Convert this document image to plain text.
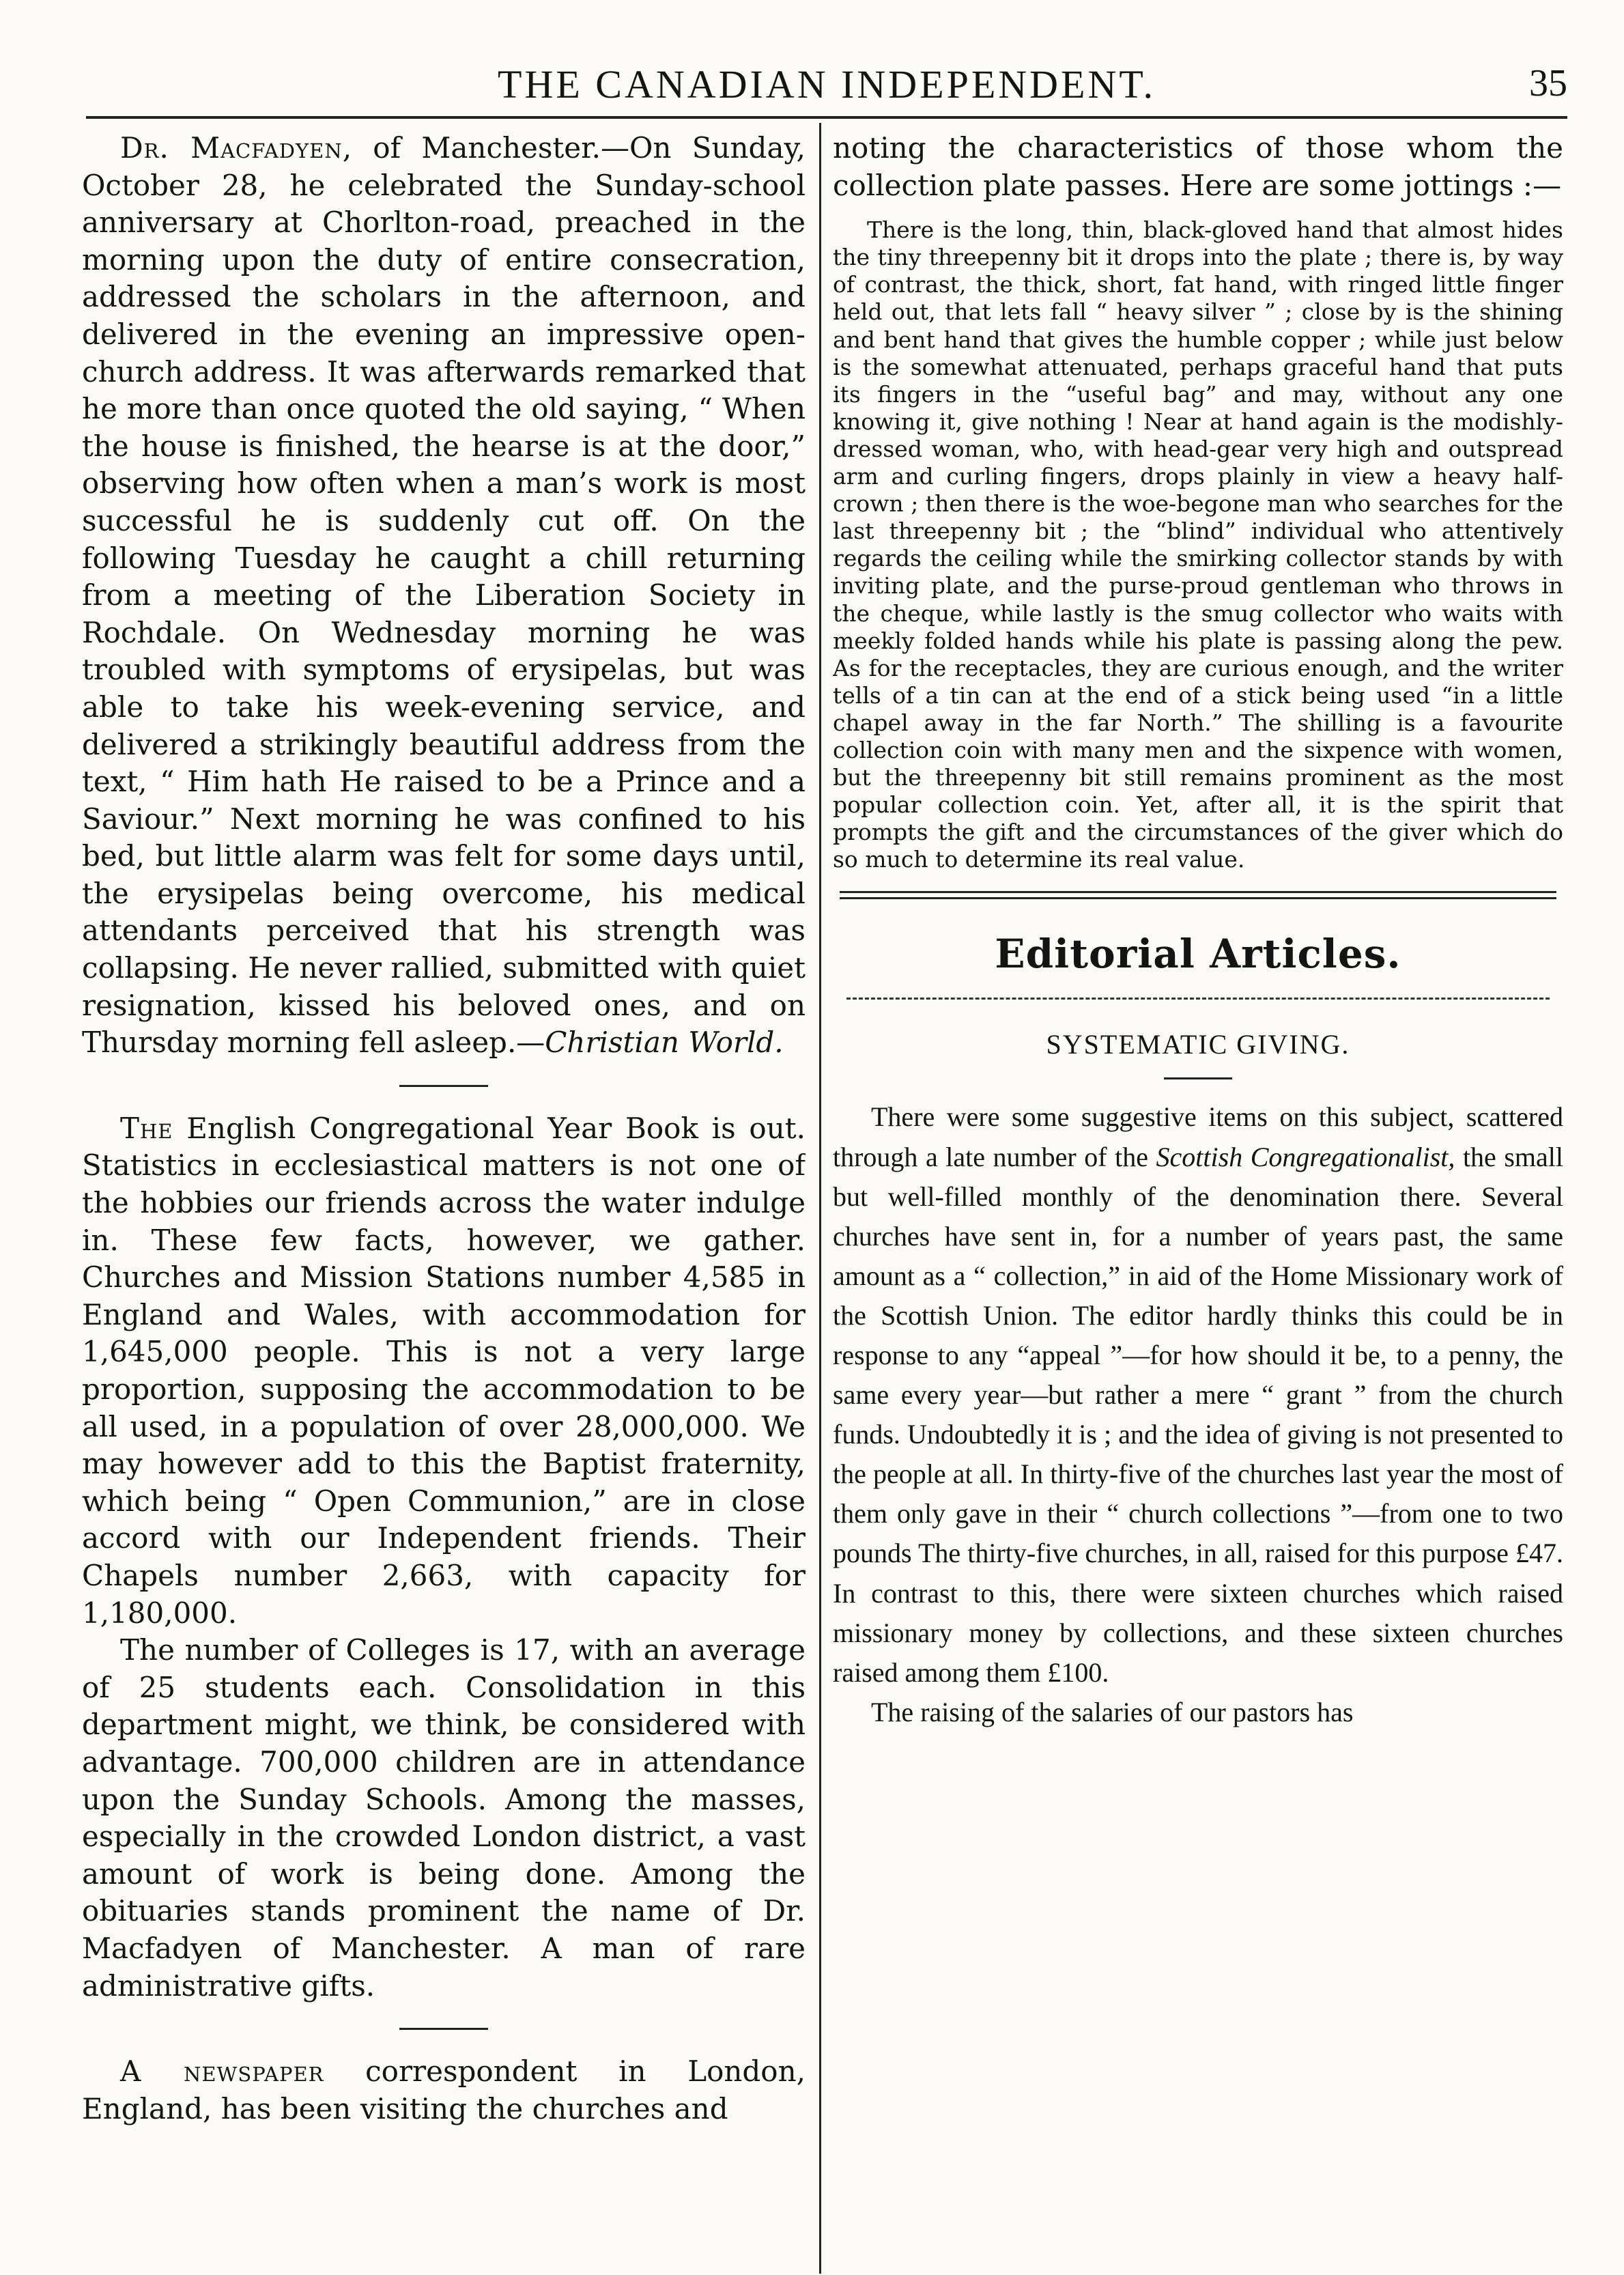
THE CANADIAN INDEPENDENT.	35

Dr. Macfadyen, of Manchester.—On Sunday, October 28, he celebrated the Sunday-school anniversary at Chorlton-road, preached in the morning upon the duty of entire consecration, addressed the scholars in the afternoon, and delivered in the evening an impressive open-church address. It was afterwards remarked that he more than once quoted the old saying, “ When the house is finished, the hearse is at the door,” observing how often when a man’s work is most successful he is suddenly cut off. On the following Tuesday he caught a chill returning from a meeting of the Liberation Society in Rochdale. On Wednesday morning he was troubled with symptoms of erysipelas, but was able to take his week-evening service, and delivered a strikingly beautiful address from the text, “ Him hath He raised to be a Prince and a Saviour.” Next morning he was confined to his bed, but little alarm was felt for some days until, the erysipelas being overcome, his medical attendants perceived that his strength was collapsing. He never rallied, submitted with quiet resignation, kissed his beloved ones, and on Thursday morning fell asleep.—Christian World.

The English Congregational Year Book is out. Statistics in ecclesiastical matters is not one of the hobbies our friends across the water indulge in. These few facts, however, we gather. Churches and Mission Stations number 4,585 in England and Wales, with accommodation for 1,645,000 people. This is not a very large proportion, supposing the accommodation to be all used, in a population of over 28,000,000. We may however add to this the Baptist fraternity, which being “ Open Communion,” are in close accord with our Independent friends. Their Chapels number 2,663, with capacity for 1,180,000.

The number of Colleges is 17, with an average of 25 students each. Consolidation in this department might, we think, be considered with advantage. 700,000 children are in attendance upon the Sunday Schools. Among the masses, especially in the crowded London district, a vast amount of work is being done. Among the obituaries stands prominent the name of Dr. Macfadyen of Manchester. A man of rare administrative gifts.

A newspaper correspondent in London, England, has been visiting the churches and

noting the characteristics of those whom the collection plate passes. Here are some jottings :—

There is the long, thin, black-gloved hand that almost hides the tiny threepenny bit it drops into the plate ; there is, by way of contrast, the thick, short, fat hand, with ringed little finger held out, that lets fall “ heavy silver ” ; close by is the shining and bent hand that gives the humble copper ; while just below is the somewhat attenuated, perhaps graceful hand that puts its fingers in the “useful bag” and may, without any one knowing it, give nothing ! Near at hand again is the modishly-dressed woman, who, with head-gear very high and outspread arm and curling fingers, drops plainly in view a heavy half-crown ; then there is the woe-begone man who searches for the last threepenny bit ; the “blind” individual who attentively regards the ceiling while the smirking collector stands by with inviting plate, and the purse-proud gentleman who throws in the cheque, while lastly is the smug collector who waits with meekly folded hands while his plate is passing along the pew. As for the receptacles, they are curious enough, and the writer tells of a tin can at the end of a stick being used “in a little chapel away in the far North.” The shilling is a favourite collection coin with many men and the sixpence with women, but the threepenny bit still remains prominent as the most popular collection coin. Yet, after all, it is the spirit that prompts the gift and the circumstances of the giver which do so much to determine its real value.

Editorial Articles.
SYSTEMATIC GIVING.

There were some suggestive items on this subject, scattered through a late number of the Scottish Congregationalist, the small but well-filled monthly of the denomination there. Several churches have sent in, for a number of years past, the same amount as a “ collection,” in aid of the Home Missionary work of the Scottish Union. The editor hardly thinks this could be in response to any “appeal ”—for how should it be, to a penny, the same every year—but rather a mere “ grant ” from the church funds. Undoubtedly it is ; and the idea of giving is not presented to the people at all. In thirty-five of the churches last year the most of them only gave in their “ church collections ”—from one to two pounds The thirty-five churches, in all, raised for this purpose £47. In contrast to this, there were sixteen churches which raised missionary money by collections, and these sixteen churches raised among them £100.

The raising of the salaries of our pastors has
